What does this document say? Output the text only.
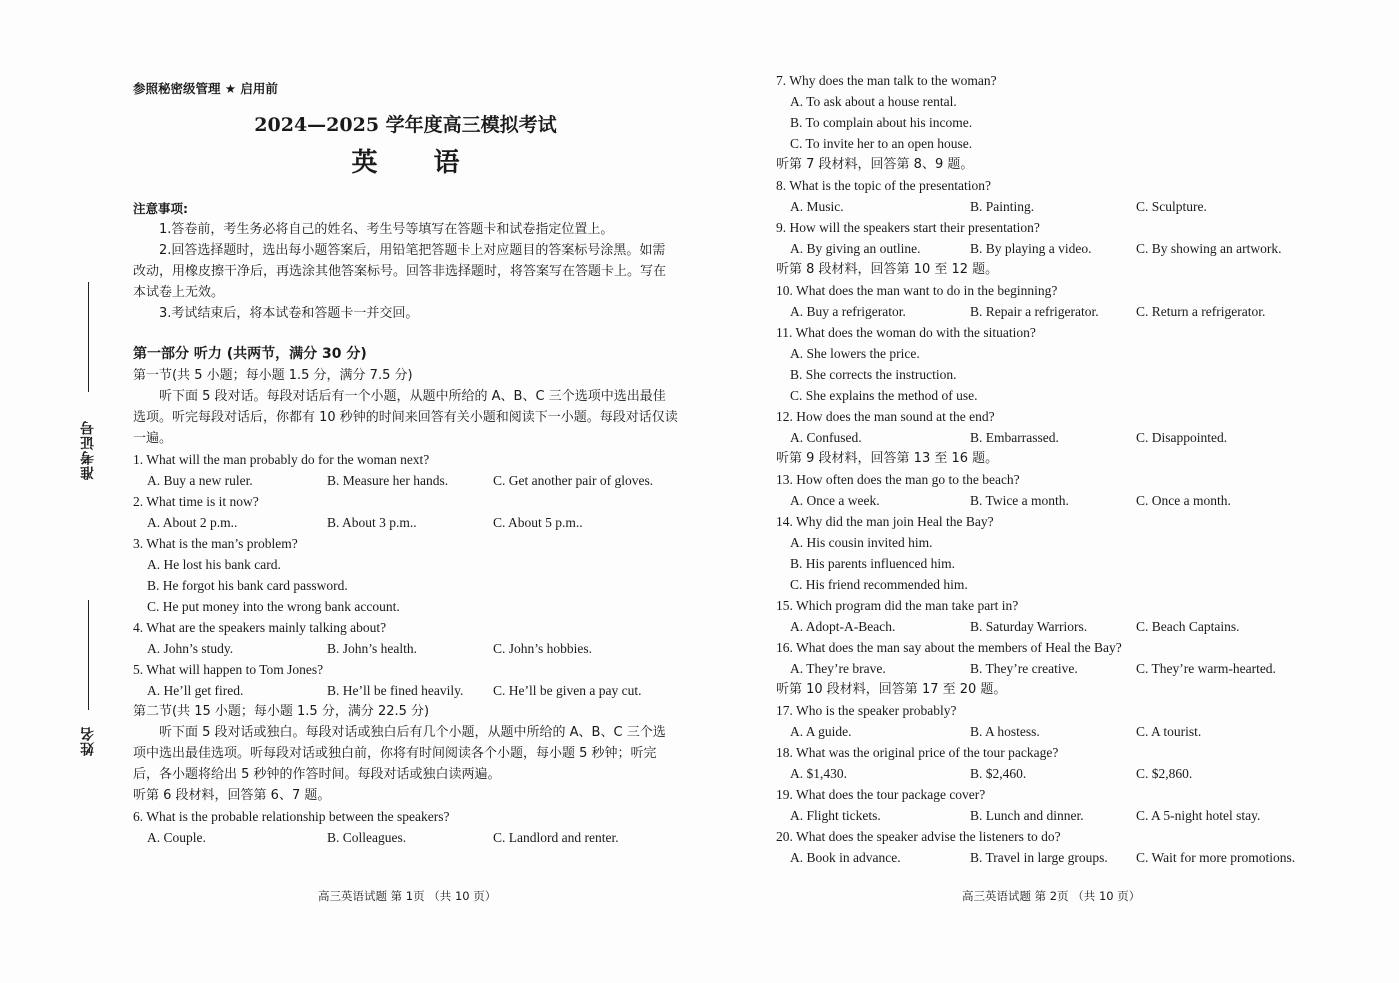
准考证号
姓名
参照秘密级管理 ★ 启用前
2024—2025 学年度高三模拟考试
英语
注意事项:

1.答卷前，考生务必将自己的姓名、考生号等填写在答题卡和试卷指定位置上。

2.回答选择题时，选出每小题答案后，用铅笔把答题卡上对应题目的答案标号涂黑。如需改动，用橡皮擦干净后，再选涂其他答案标号。回答非选择题时，将答案写在答题卡上。写在本试卷上无效。

3.考试结束后，将本试卷和答题卡一并交回。

第一部分 听力 (共两节，满分 30 分)
第一节(共 5 小题；每小题 1.5 分，满分 7.5 分)

听下面 5 段对话。每段对话后有一个小题，从题中所给的 A、B、C 三个选项中选出最佳选项。听完每段对话后，你都有 10 秒钟的时间来回答有关小题和阅读下一小题。每段对话仅读一遍。

1. What will the man probably do for the woman next?
A. Buy a new ruler.	B. Measure her hands.	C. Get another pair of gloves.
2. What time is it now?
A. About 2 p.m..	B. About 3 p.m..	C. About 5 p.m..
3. What is the man’s problem?
A. He lost his bank card.
B. He forgot his bank card password.
C. He put money into the wrong bank account.
4. What are the speakers mainly talking about?
A. John’s study.	B. John’s health.	C. John’s hobbies.
5. What will happen to Tom Jones?
A. He’ll get fired.	B. He’ll be fined heavily. C. He’ll be given a pay cut.
第二节(共 15 小题；每小题 1.5 分，满分 22.5 分)

听下面 5 段对话或独白。每段对话或独白后有几个小题，从题中所给的 A、B、C 三个选项中选出最佳选项。听每段对话或独白前，你将有时间阅读各个小题，每小题 5 秒钟；听完后，各小题将给出 5 秒钟的作答时间。每段对话或独白读两遍。

听第 6 段材料，回答第 6、7 题。
6. What is the probable relationship between the speakers?
A. Couple.	B. Colleagues.	C. Landlord and renter.
高三英语试题 第 1页 （共 10 页）
7. Why does the man talk to the woman?
A. To ask about a house rental.
B. To complain about his income.
C. To invite her to an open house.
听第 7 段材料，回答第 8、9 题。
8. What is the topic of the presentation?
A. Music.	B. Painting.	C. Sculpture.
9. How will the speakers start their presentation?
A. By giving an outline.	B. By playing a video.	C. By showing an artwork.
听第 8 段材料，回答第 10 至 12 题。
10. What does the man want to do in the beginning?
A. Buy a refrigerator.	B. Repair a refrigerator.	C. Return a refrigerator.
11. What does the woman do with the situation?
A. She lowers the price.
B. She corrects the instruction.
C. She explains the method of use.
12. How does the man sound at the end?
A. Confused.	B. Embarrassed.	C. Disappointed.
听第 9 段材料，回答第 13 至 16 题。
13. How often does the man go to the beach?
A. Once a week.	B. Twice a month.	C. Once a month.
14. Why did the man join Heal the Bay?
A. His cousin invited him.
B. His parents influenced him.
C. His friend recommended him.
15. Which program did the man take part in?
A. Adopt-A-Beach.	B. Saturday Warriors.	C. Beach Captains.
16. What does the man say about the members of Heal the Bay?
A. They’re brave.	B. They’re creative.	C. They’re warm-hearted.
听第 10 段材料，回答第 17 至 20 题。
17. Who is the speaker probably?
A. A guide.	B. A hostess.	C. A tourist.
18. What was the original price of the tour package?
A. $1,430.	B. $2,460.	C. $2,860.
19. What does the tour package cover?
A. Flight tickets.	B. Lunch and dinner.	C. A 5-night hotel stay.
20. What does the speaker advise the listeners to do?
A. Book in advance.	B. Travel in large groups. C. Wait for more promotions.
高三英语试题 第 2页 （共 10 页）
